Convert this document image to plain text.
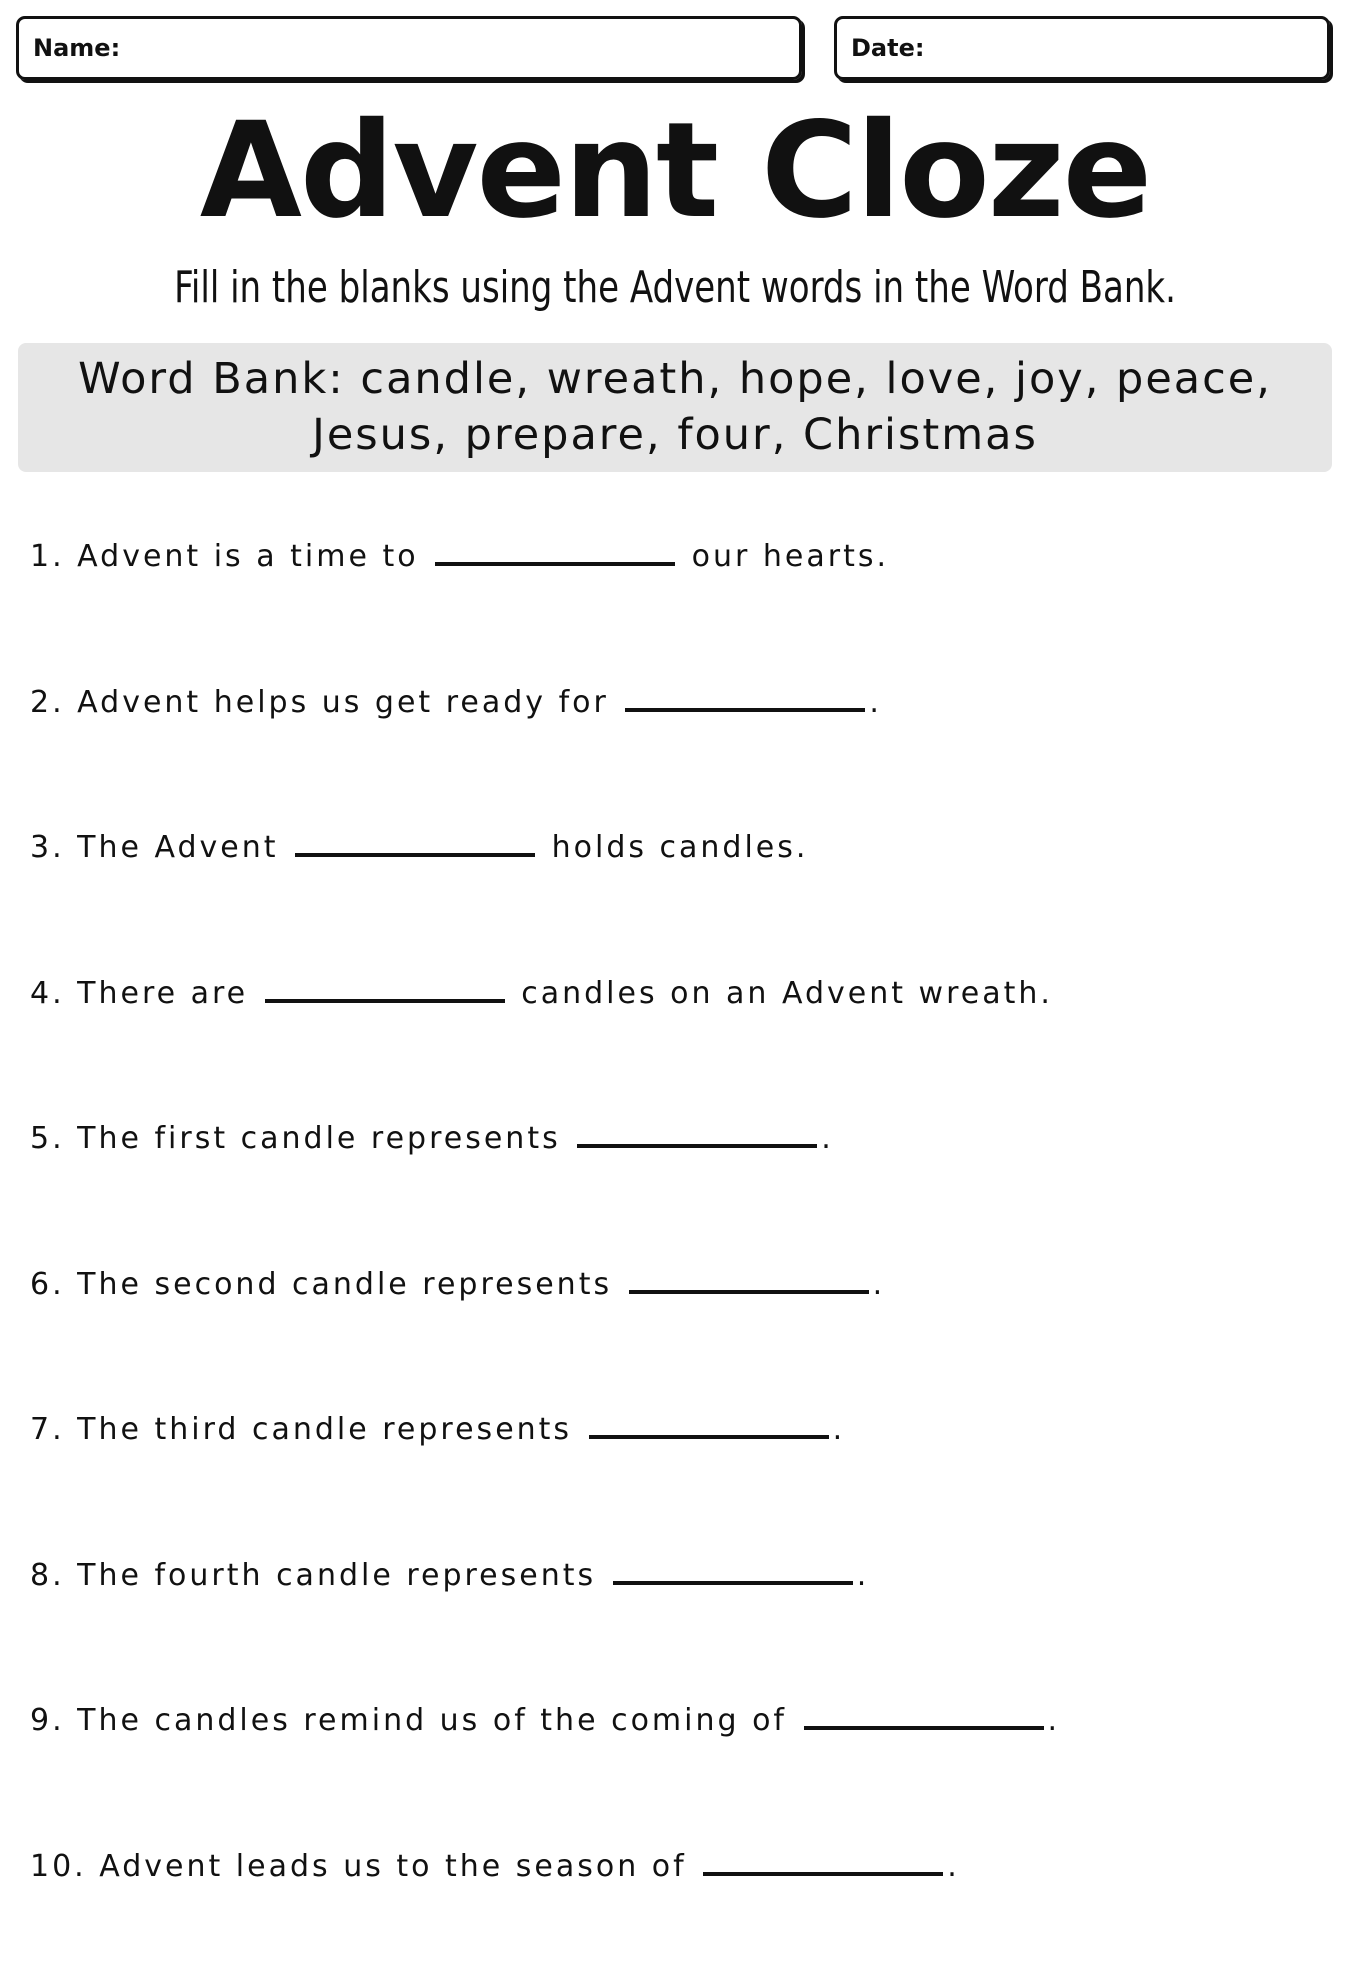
Name:	Date:
Advent Cloze
Fill in the blanks using the Advent words in the Word Bank.
Word Bank: candle, wreath, hope, love, joy, peace,
Jesus, prepare, four, Christmas
1. Advent is a time to	our hearts.
2. Advent helps us get ready for	.
3. The Advent	holds candles.
4. There are	candles on an Advent wreath.
5. The first candle represents	.
6. The second candle represents	.
7. The third candle represents	.
8. The fourth candle represents	.
9. The candles remind us of the coming of	.
10. Advent leads us to the season of	.
